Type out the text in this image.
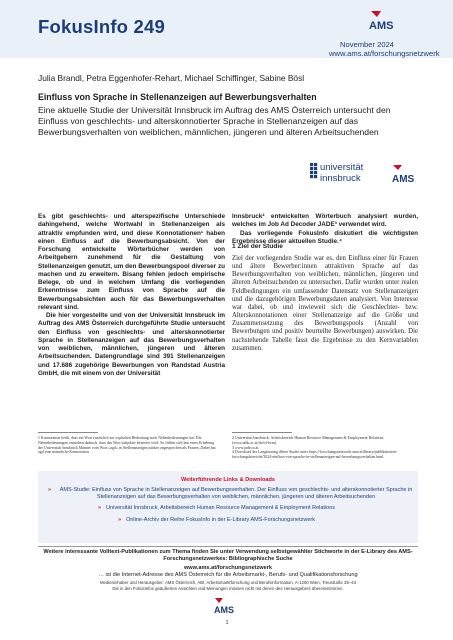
FokusInfo 249	AMS
November 2024
www.ams.at/forschungsnetzwerk
Julia Brandl, Petra Eggenhofer-Rehart, Michael Schiffinger, Sabine Bösl
Einfluss von Sprache in Stellenanzeigen auf Bewerbungsverhalten
Eine aktuelle Studie der Universität Innsbruck im Auftrag des AMS Österreich untersucht den Einfluss von geschlechts- und alterskonnotierter Sprache in Stellenanzeigen auf das Bewerbungsverhalten von weiblichen, männlichen, jüngeren und älteren Arbeitsuchenden
universität
innsbruck	AMS
Es gibt geschlechts- und alterspezifische Unterschiede dahingehend, welche Wortwahl in Stellenanzeigen als attraktiv empfunden wird, und diese Konnotationen¹ haben einen Einfluss auf die Bewerbungsabsicht. Von der Forschung entwickelte Wörterbücher werden von Arbeitgebern zunehmend für die Gestaltung von Stellenanzeigen genutzt, um den Bewerbungspool diverser zu machen und zu erweitern. Bisang fehlen jedoch empirische Belege, ob und in welchem Umfang die vorliegenden Erkenntnisse zum Einfluss von Sprache auf die Bewerbungsabsichten auch für das Bewerbungsverhalten relevant sind.
Die hier vorgestellte und von der Universität Innsbruck im Auftrag des AMS Österreich durchgeführte Studie untersucht den Einfluss von geschlechts- und alterskonnotierter Sprache in Stellenanzeigen auf das Bewerbungsverhalten von weiblichen, männlichen, jüngeren und älteren Arbeitsuchenden. Datengrundlage sind 391 Stellenanzeigen und 17.686 zugehörige Bewerbungen von Randstad Austria GmbH, die mit einem von der Universität
Innsbruck² entwickelten Wörterbuch analysiert wurden, welches im Job Ad Decoder JADE³ verwendet wird.
Das vorliegende FokusInfo diskutiert die wichtigsten Ergebnisse dieser aktuellen Studie.⁴
1 Ziel der Studie
Ziel der vorliegenden Studie war es, den Einfluss einer für Frauen und ältere Bewerber:innen attraktiven Sprache auf das Bewerbungsverhalten von weiblichen, männlichen, jüngeren und älteren Arbeitsuchenden zu untersuchen. Dafür wurden unter realen Feldbedingungen ein umfassender Datensatz von Stellenanzeigen und die dazugehörigen Bewerbungsdaten analysiert. Von Interesse war dabei, ob und inwieweit sich die Geschlechter- bzw. Alterskonnotationen einer Stellenanzeige auf die Größe und Zusammensetzung des Bewerbungspools (Anzahl von Bewerbungen und positiv beurteilte Bewerbungen) auswirken. Die nachstehende Tabelle fasst die Ergebnisse zu den Kernvariablen zusammen.
1 Konnotation heißt, dass ein Wort zusätzlich zur expliziten Bedeutung noch Nebenbedeutungen hat. Die Nebenbedeutungen entstehen dadurch, dass das Wort subjektiv bewertet wird. So fühlen sich laut einer Erhebung der Universität Innsbruck Männer vom Wort »agil« in Stellenanzeigen stärker angesprochen als Frauen. Dabei hat agil eine männliche Konnotation.
2 Universität Innsbruck, Arbeitsbereich Human Resource Management & Employment Relations (www.uibk.ac.at/de/irf-hrm).
3 www.jade.or.at.
4 Download der Langfassung dieser Studie unter https://forschungsnetzwerk.ams.at/dbrary/publikationen-forschungsbereiche/2024-einfluss-von-sprache-in-stellenanzeigen-auf-bewerbungsverhalten.html.
Weiterführende Links & Downloads
»	AMS-Studie: Einfluss von Sprache in Stellenanzeigen auf Bewerbungsverhalten. Der Einfluss von geschlechts- und alterskonnotierter Sprache in Stellenanzeigen auf das Bewerbungsverhalten von weiblichen, männlichen, jüngeren und älteren Arbeitsuchenden
» Universität Innsbruck, Arbeitsbereich Human Resource Management & Employment Relations
» Online-Archiv der Reihe FokusInfo in der E-Library AMS-Forschungsnetzwerk
Weitere interessante Volltext-Publikationen zum Thema finden Sie unter Verwendung selbstgewählter Stichworte in der E-Library des AMS-Forschungsnetzwerkes: Bibliographische Suche
www.ams.at/forschungsnetzwerk
… ist die Internet-Adresse des AMS Österreich für die Arbeitsmarkt-, Berufs- und Qualifikationsforschung
Medieninhaber und Herausgeber: AMS Österreich, ABI, Arbeitsmarktforschung und Berufsinformation, A-1200 Wien, Treustraße 35–43
Die in den FokusInfos geäußerten Ansichten und Meinungen müssen nicht mit denen des Herausgebers übereinstimmen.
AMS
1
